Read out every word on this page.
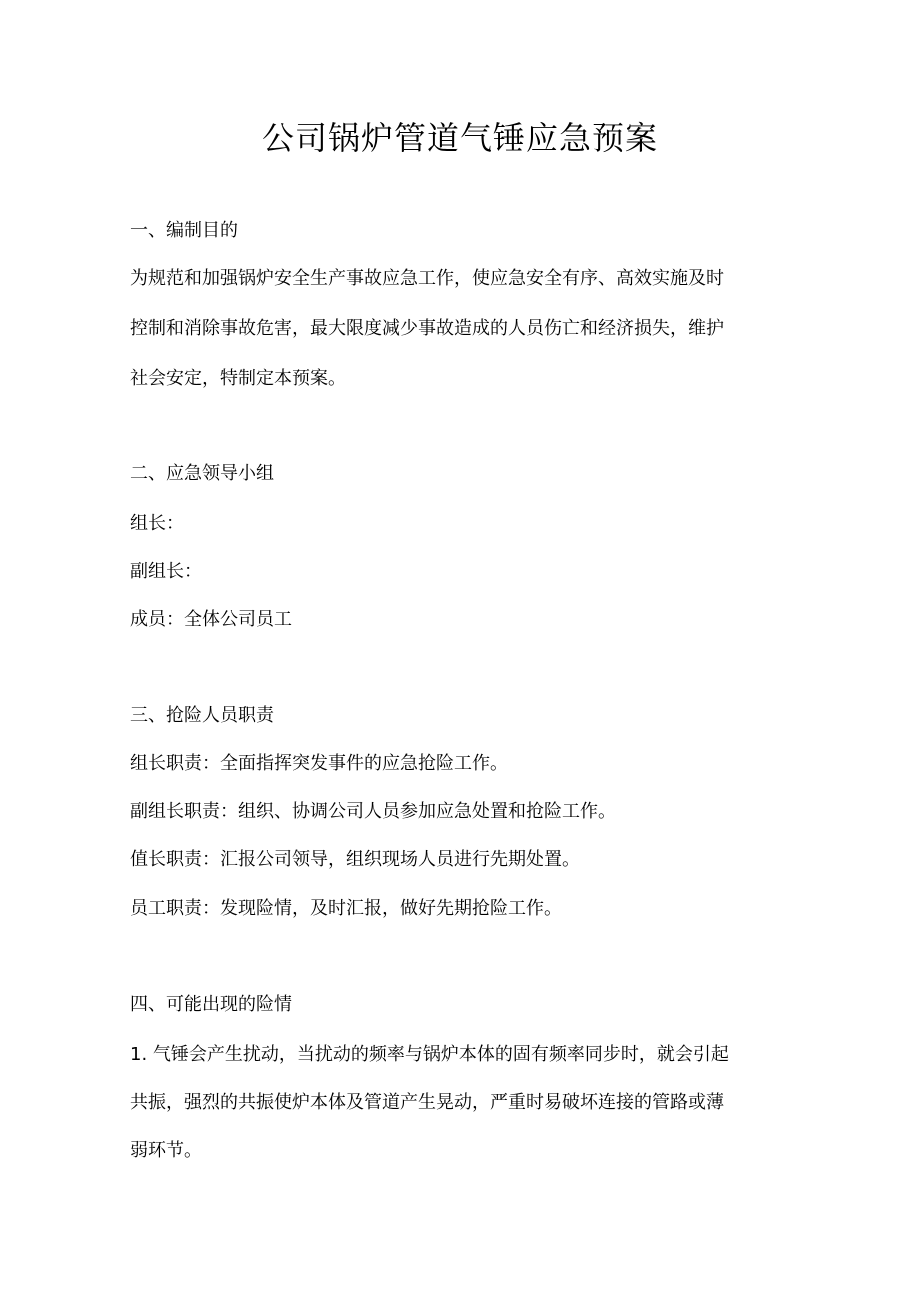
公司锅炉管道气锤应急预案

一、编制目的

为规范和加强锅炉安全生产事故应急工作，使应急安全有序、高效实施及时

控制和消除事故危害，最大限度减少事故造成的人员伤亡和经济损失，维护

社会安定，特制定本预案。

二、应急领导小组

组长：

副组长：

成员：全体公司员工

三、抢险人员职责

组长职责：全面指挥突发事件的应急抢险工作。

副组长职责：组织、协调公司人员参加应急处置和抢险工作。

值长职责：汇报公司领导，组织现场人员进行先期处置。

员工职责：发现险情，及时汇报，做好先期抢险工作。

四、可能出现的险情

1. 气锤会产生扰动，当扰动的频率与锅炉本体的固有频率同步时，就会引起

共振，强烈的共振使炉本体及管道产生晃动，严重时易破坏连接的管路或薄

弱环节。
